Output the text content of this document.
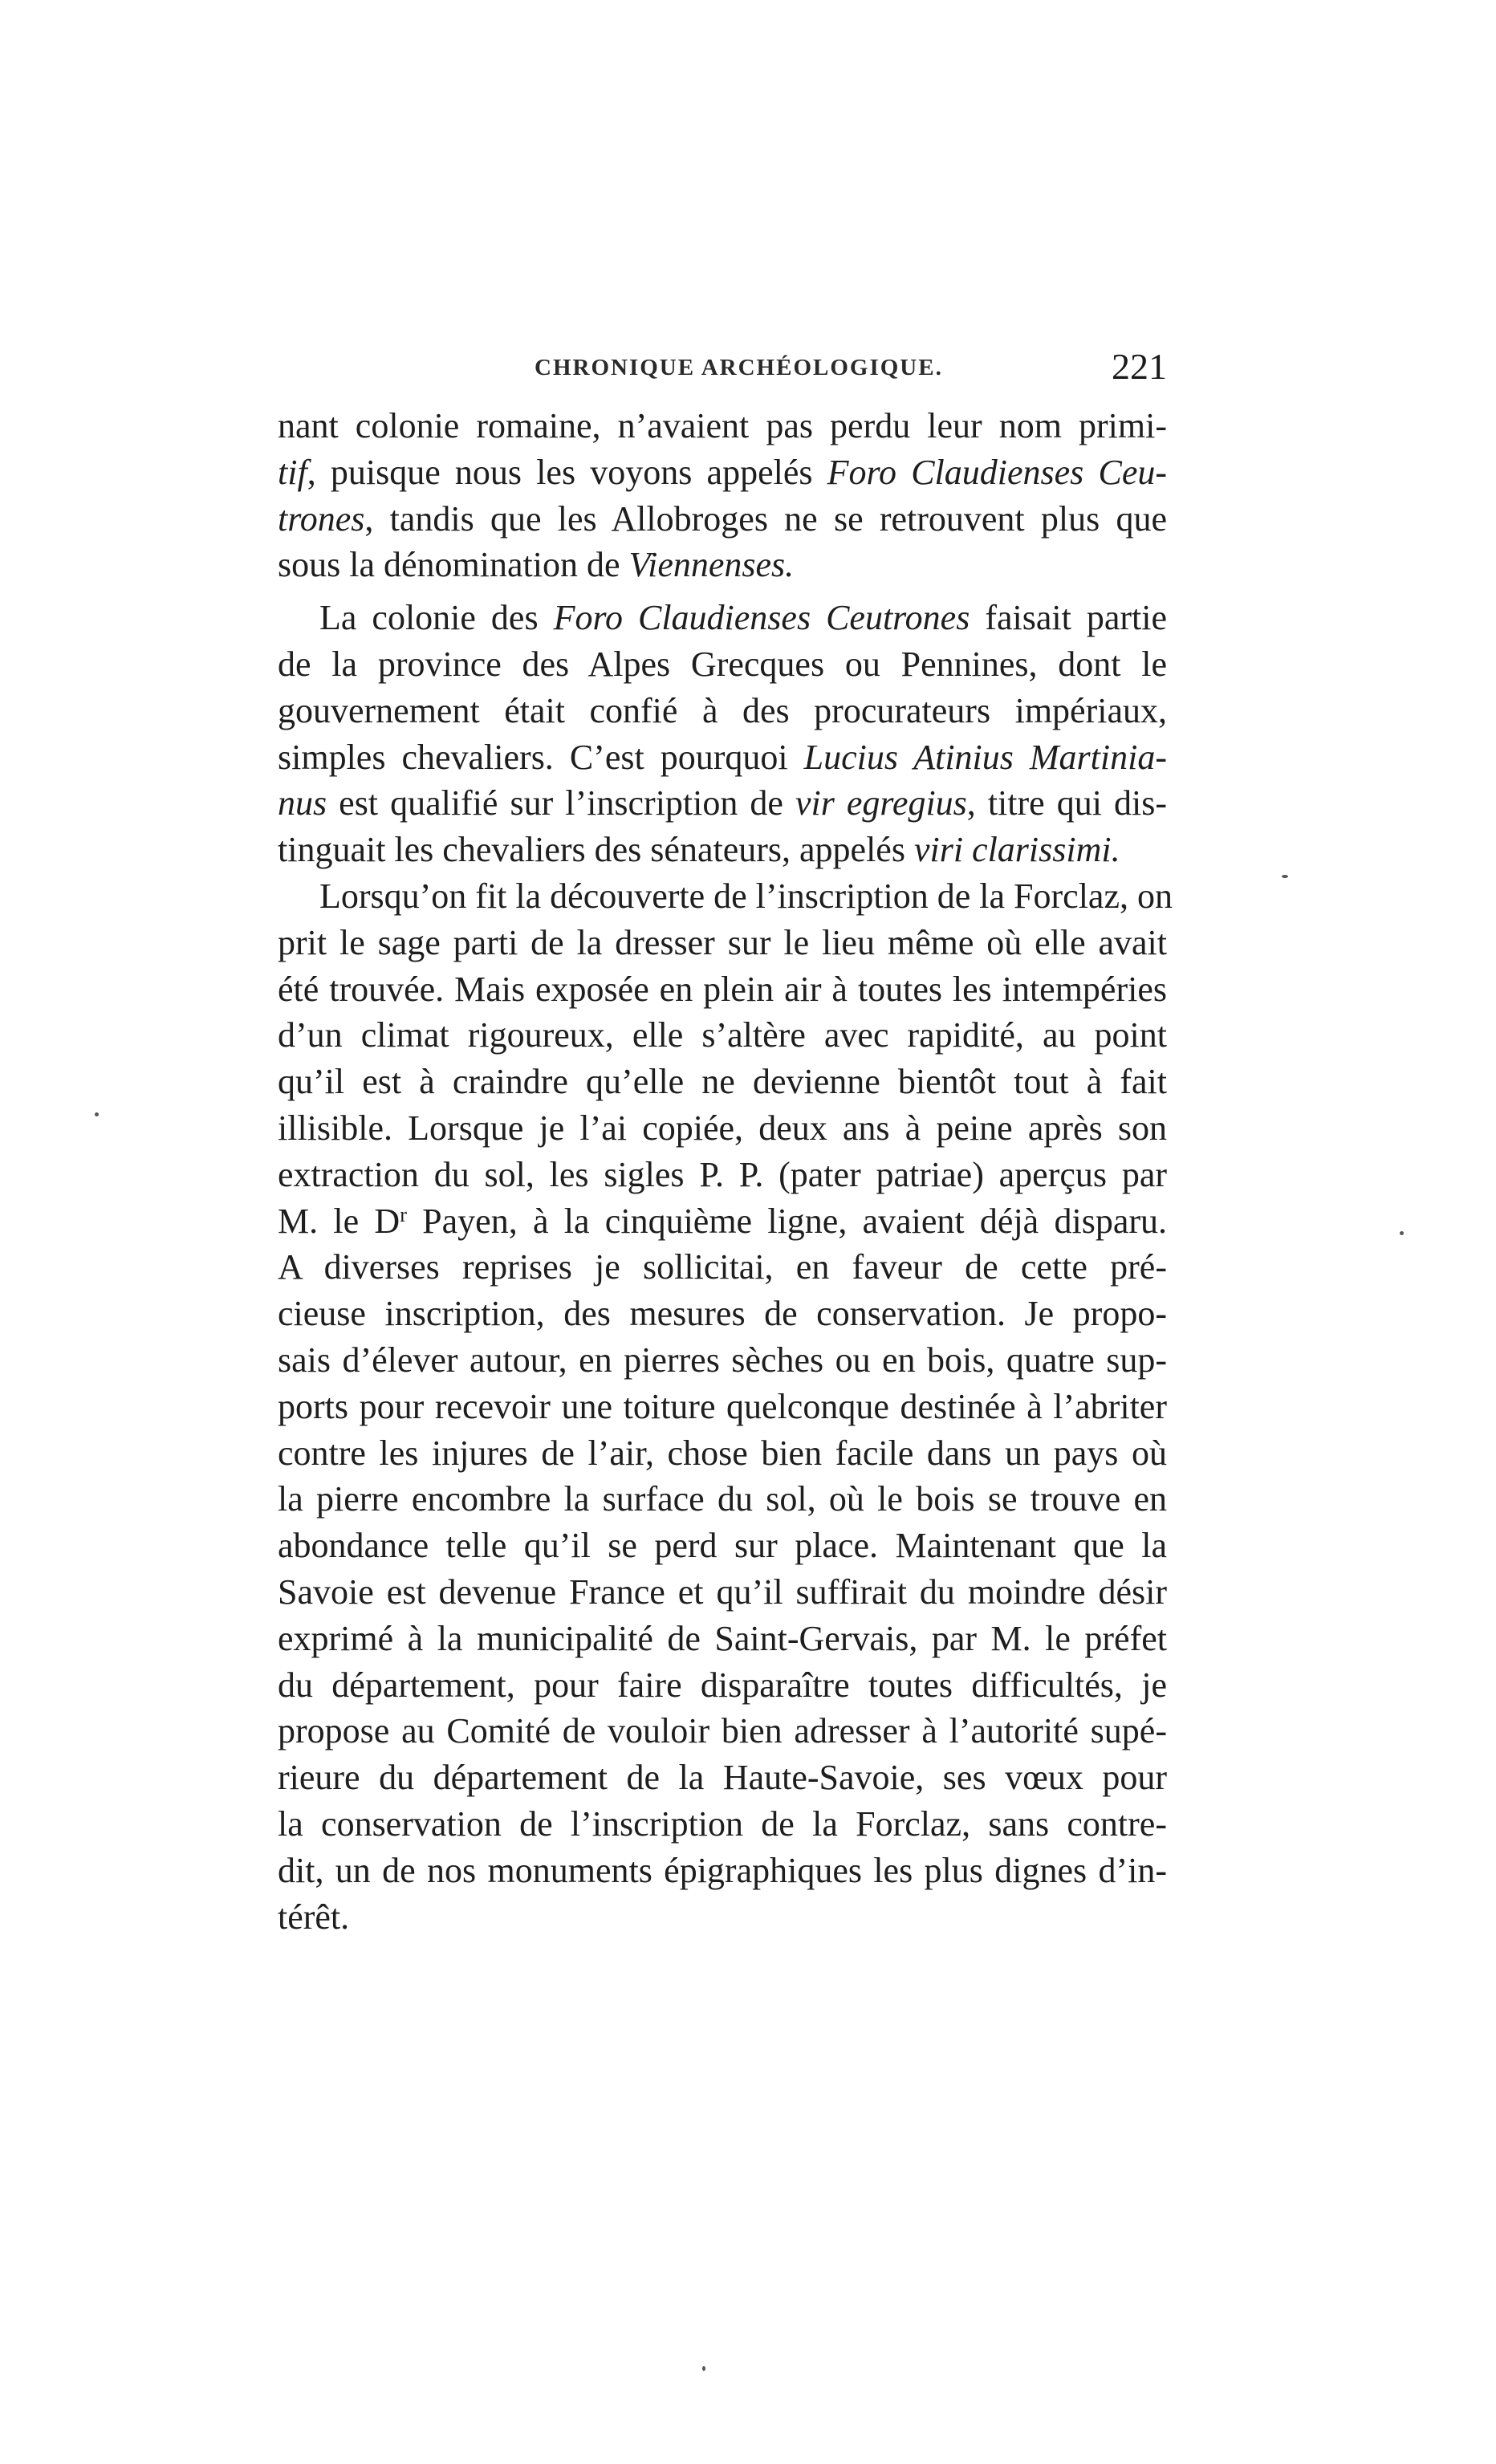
CHRONIQUE ARCHÉOLOGIQUE.	221
nant colonie romaine, n’avaient pas perdu leur nom primi-
tif, puisque nous les voyons appelés Foro Claudienses Ceu-
trones, tandis que les Allobroges ne se retrouvent plus que
sous la dénomination de Viennenses.
La colonie des Foro Claudienses Ceutrones faisait partie
de la province des Alpes Grecques ou Pennines, dont le
gouvernement était confié à des procurateurs impériaux,
simples chevaliers. C’est pourquoi Lucius Atinius Martinia-
nus est qualifié sur l’inscription de vir egregius, titre qui dis-
tinguait les chevaliers des sénateurs, appelés viri clarissimi.
Lorsqu’on fit la découverte de l’inscription de la Forclaz, on
prit le sage parti de la dresser sur le lieu même où elle avait
été trouvée. Mais exposée en plein air à toutes les intempéries
d’un climat rigoureux, elle s’altère avec rapidité, au point
qu’il est à craindre qu’elle ne devienne bientôt tout à fait
illisible. Lorsque je l’ai copiée, deux ans à peine après son
extraction du sol, les sigles P. P. (pater patriae) aperçus par
M. le $D^r$ Payen, à la cinquième ligne, avaient déjà disparu.
A diverses reprises je sollicitai, en faveur de cette pré-
cieuse inscription, des mesures de conservation. Je propo-
sais d’élever autour, en pierres sèches ou en bois, quatre sup-
ports pour recevoir une toiture quelconque destinée à l’abriter
contre les injures de l’air, chose bien facile dans un pays où
la pierre encombre la surface du sol, où le bois se trouve en
abondance telle qu’il se perd sur place. Maintenant que la
Savoie est devenue France et qu’il suffirait du moindre désir
exprimé à la municipalité de Saint-Gervais, par M. le préfet
du département, pour faire disparaître toutes difficultés, je
propose au Comité de vouloir bien adresser à l’autorité supé-
rieure du département de la Haute-Savoie, ses vœux pour
la conservation de l’inscription de la Forclaz, sans contre-
dit, un de nos monuments épigraphiques les plus dignes d’in-
térêt.
